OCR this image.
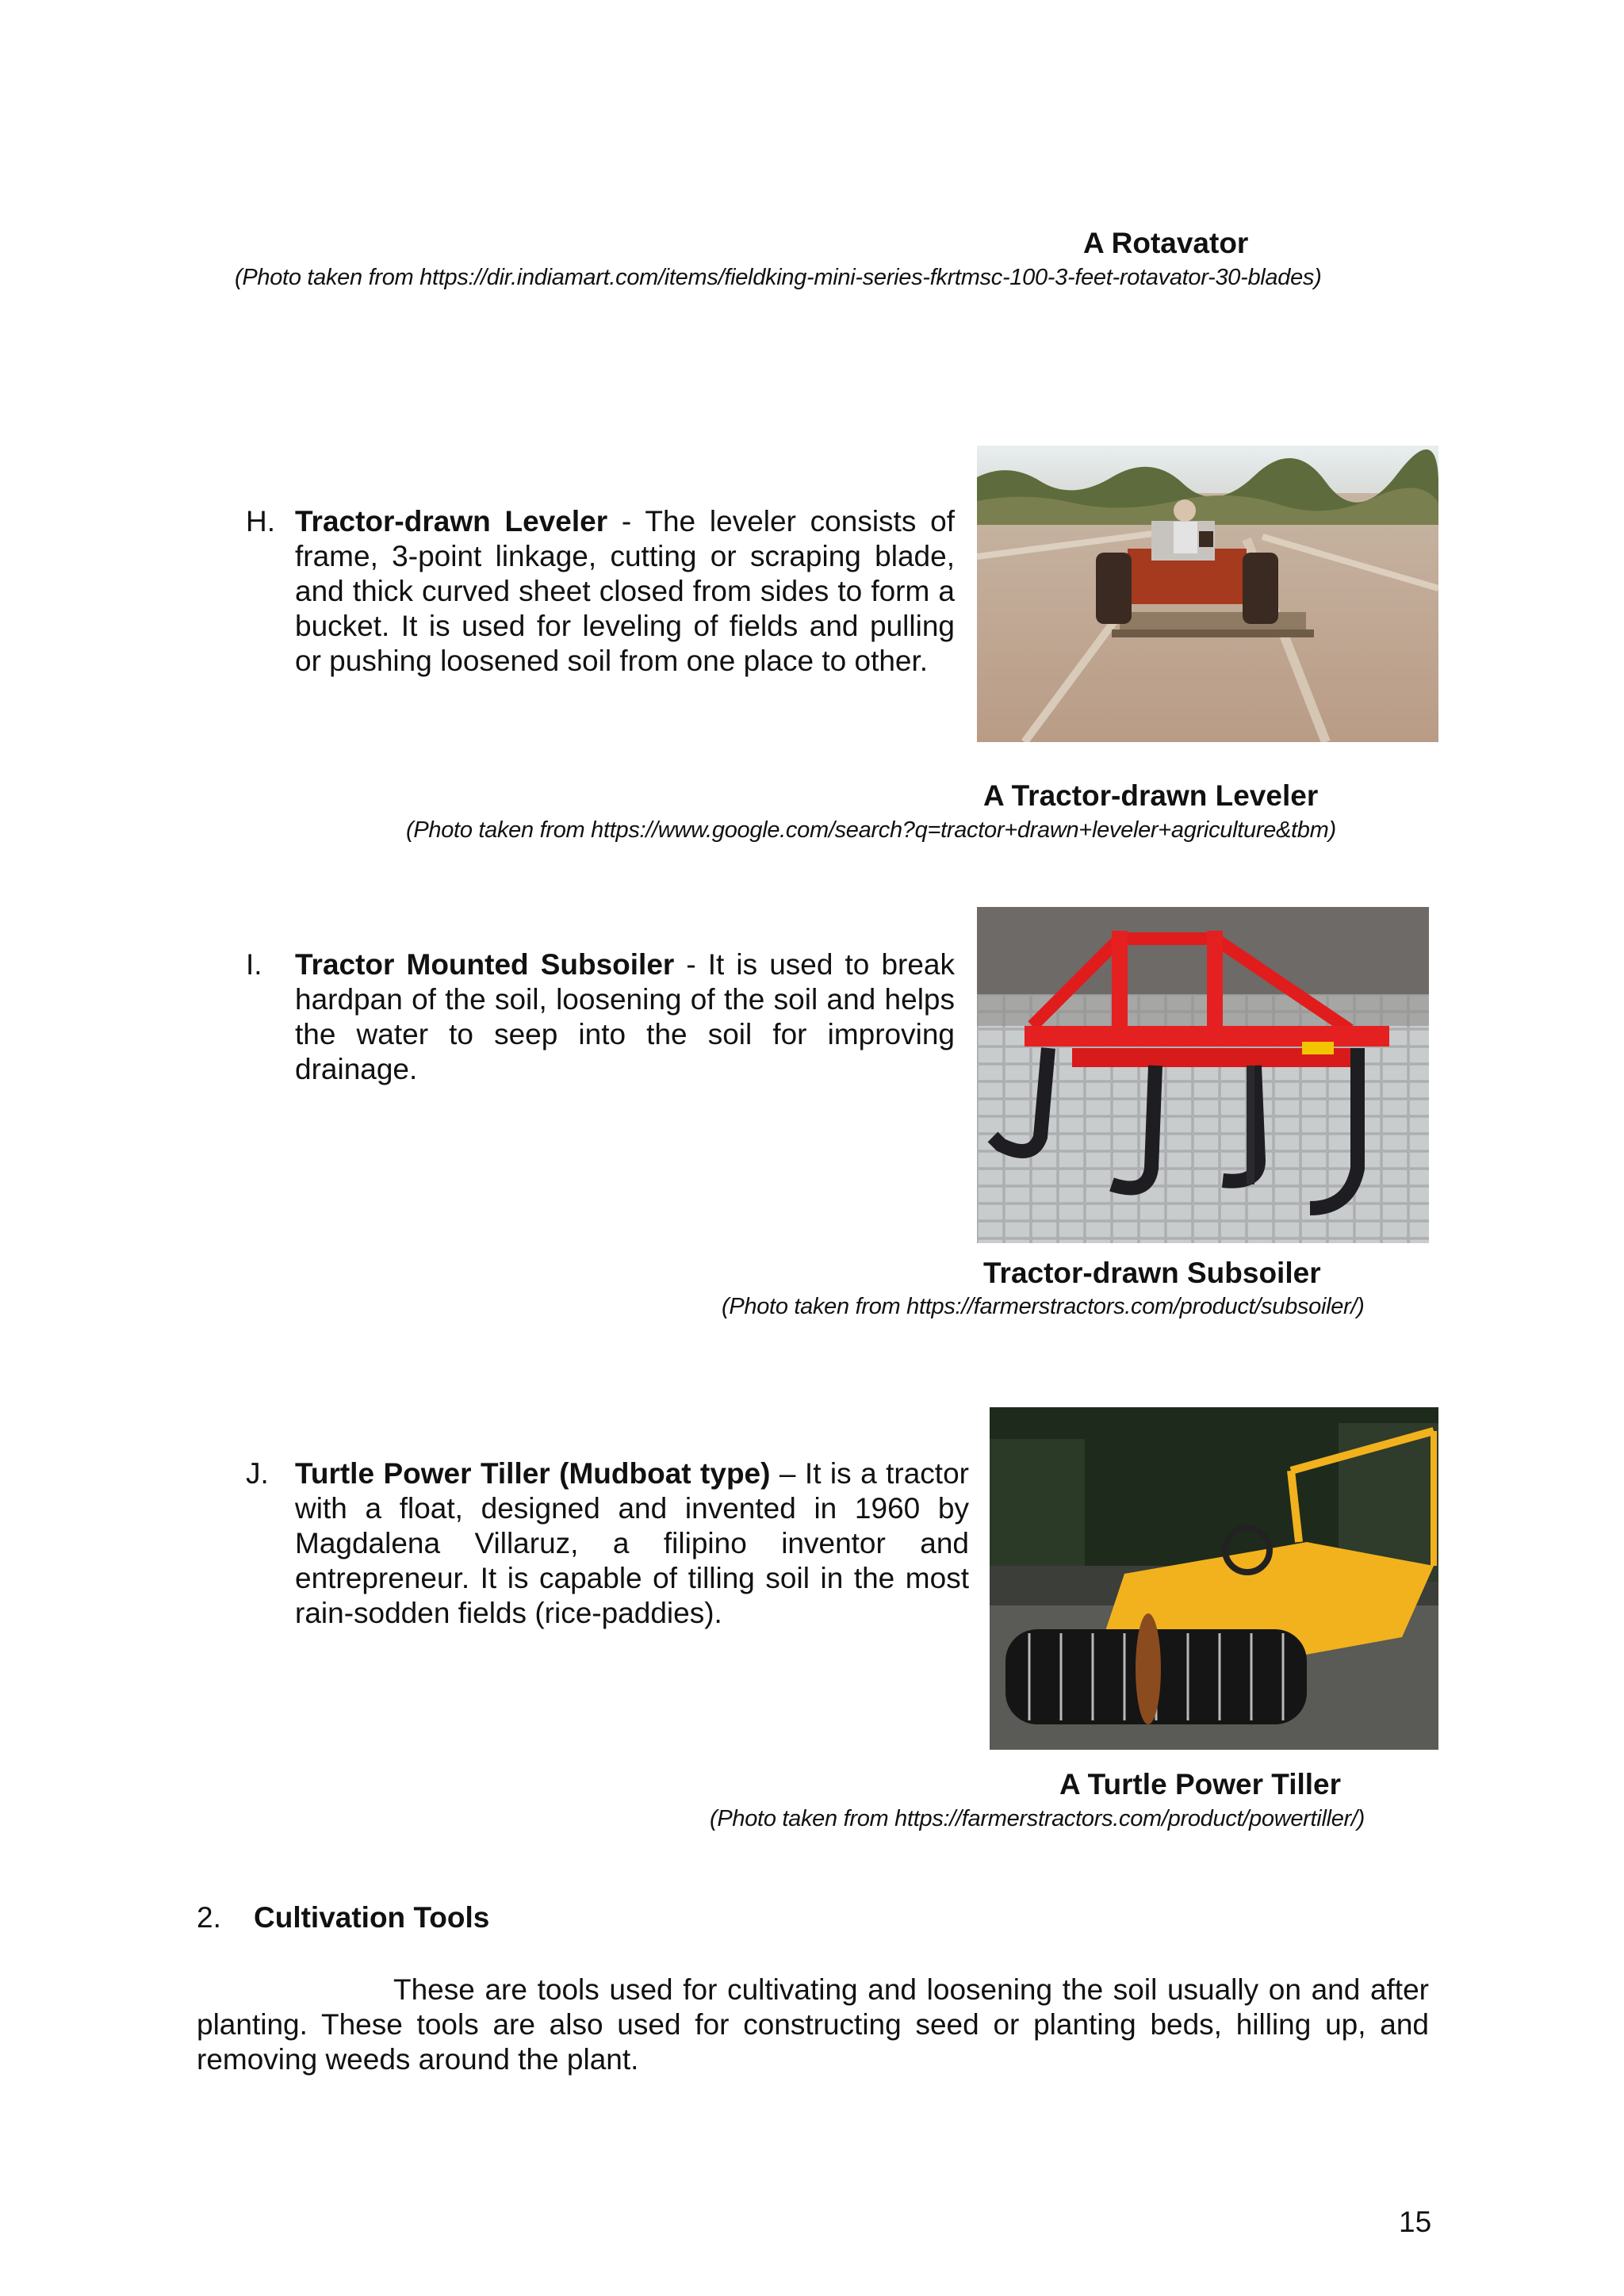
A Rotavator
(Photo taken from https://dir.indiamart.com/items/fieldking-mini-series-fkrtmsc-100-3-feet-rotavator-30-blades)
H. Tractor-drawn Leveler - The leveler consists of frame, 3-point linkage, cutting or scraping blade, and thick curved sheet closed from sides to form a bucket. It is used for leveling of fields and pulling or pushing loosened soil from one place to other.
A Tractor-drawn Leveler
(Photo taken from https://www.google.com/search?q=tractor+drawn+leveler+agriculture&tbm)
I. Tractor Mounted Subsoiler - It is used to break hardpan of the soil, loosening of the soil and helps the water to seep into the soil for improving drainage.
Tractor-drawn Subsoiler
(Photo taken from https://farmerstractors.com/product/subsoiler/)
J. Turtle Power Tiller (Mudboat type) – It is a tractor with a float, designed and invented in 1960 by Magdalena Villaruz, a filipino inventor and entrepreneur. It is capable of tilling soil in the most rain-sodden fields (rice-paddies).
A Turtle Power Tiller
(Photo taken from https://farmerstractors.com/product/powertiller/)
2. Cultivation Tools
These are tools used for cultivating and loosening the soil usually on and after planting. These tools are also used for constructing seed or planting beds, hilling up, and removing weeds around the plant.
15
